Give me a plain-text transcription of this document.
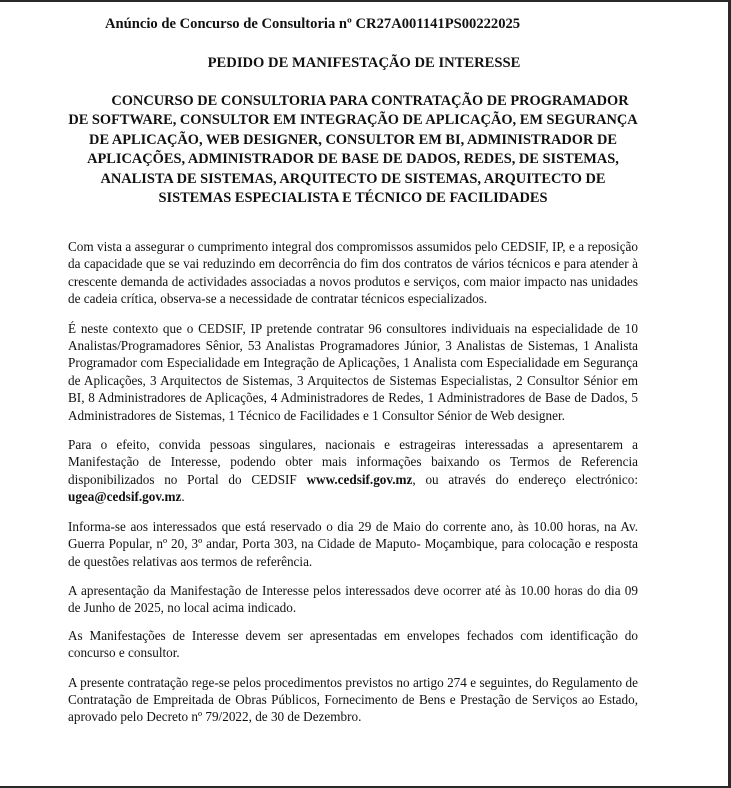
Anúncio de Concurso de Consultoria nº CR27A001141PS00222025
PEDIDO DE MANIFESTAÇÃO DE INTERESSE
CONCURSO DE CONSULTORIA PARA CONTRATAÇÃO DE PROGRAMADOR DE SOFTWARE, CONSULTOR EM INTEGRAÇÃO DE APLICAÇÃO, EM SEGURANÇA DE APLICAÇÃO, WEB DESIGNER, CONSULTOR EM BI, ADMINISTRADOR DE APLICAÇÕES, ADMINISTRADOR DE BASE DE DADOS, REDES, DE SISTEMAS, ANALISTA DE SISTEMAS, ARQUITECTO DE SISTEMAS, ARQUITECTO DE SISTEMAS ESPECIALISTA E TÉCNICO DE FACILIDADES

Com vista a assegurar o cumprimento integral dos compromissos assumidos pelo CEDSIF, IP, e a reposição da capacidade que se vai reduzindo em decorrência do fim dos contratos de vários técnicos e para atender à crescente demanda de actividades associadas a novos produtos e serviços, com maior impacto nas unidades de cadeia crítica, observa-se a necessidade de contratar técnicos especializados.

É neste contexto que o CEDSIF, IP pretende contratar 96 consultores individuais na especialidade de 10 Analistas/Programadores Sênior, 53 Analistas Programadores Júnior, 3 Analistas de Sistemas, 1 Analista Programador com Especialidade em Integração de Aplicações, 1 Analista com Especialidade em Segurança de Aplicações, 3 Arquitectos de Sistemas, 3 Arquitectos de Sistemas Especialistas, 2 Consultor Sénior em BI, 8 Administradores de Aplicações, 4 Administradores de Redes, 1 Administradores de Base de Dados, 5 Administradores de Sistemas, 1 Técnico de Facilidades e 1 Consultor Sénior de Web designer.

Para o efeito, convida pessoas singulares, nacionais e estrageiras interessadas a apresentarem a Manifestação de Interesse, podendo obter mais informações baixando os Termos de Referencia disponibilizados no Portal do CEDSIF www.cedsif.gov.mz, ou através do endereço electrónico: ugea@cedsif.gov.mz.

Informa-se aos interessados que está reservado o dia 29 de Maio do corrente ano, às 10.00 horas, na Av. Guerra Popular, nº 20, 3º andar, Porta 303, na Cidade de Maputo- Moçambique, para colocação e resposta de questões relativas aos termos de referência.

A apresentação da Manifestação de Interesse pelos interessados deve ocorrer até às 10.00 horas do dia 09 de Junho de 2025, no local acima indicado.

As Manifestações de Interesse devem ser apresentadas em envelopes fechados com identificação do concurso e consultor.

A presente contratação rege-se pelos procedimentos previstos no artigo 274 e seguintes, do Regulamento de Contratação de Empreitada de Obras Públicos, Fornecimento de Bens e Prestação de Serviços ao Estado, aprovado pelo Decreto nº 79/2022, de 30 de Dezembro.
